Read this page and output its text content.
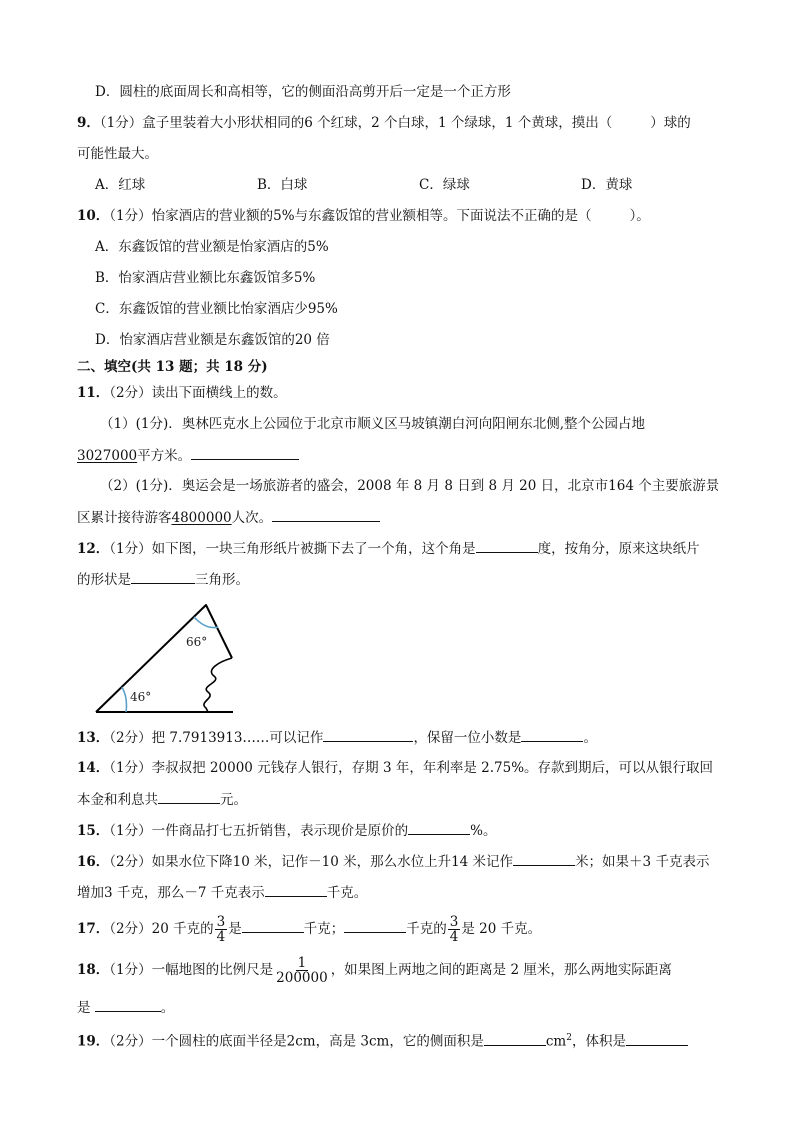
D．圆柱的底面周长和高相等，它的侧面沿高剪开后一定是一个正方形
9．（1分）盒子里装着大小形状相同的6 个红球，2 个白球，1 个绿球，1 个黄球，摸出（	）球的
可能性最大。
A．红球	B．白球	C．绿球	D．黄球
10．（1分）怡家酒店的营业额的5%与东鑫饭馆的营业额相等。下面说法不正确的是（	）。
A．东鑫饭馆的营业额是怡家酒店的5%
B．怡家酒店营业额比东鑫饭馆多5%
C．东鑫饭馆的营业额比怡家酒店少95%
D．怡家酒店营业额是东鑫饭馆的20 倍
二、填空(共 13 题；共 18 分)
11．（2分）读出下面横线上的数。
（1）(1分)．奥林匹克水上公园位于北京市顺义区马坡镇潮白河向阳闸东北侧,整个公园占地
3027000平方米。
（2）(1分)．奥运会是一场旅游者的盛会，2008 年 8 月 8 日到 8 月 20 日，北京市164 个主要旅游景
区累计接待游客4800000人次。
12．（1分）如下图，一块三角形纸片被撕下去了一个角，这个角是	度，按角分，原来这块纸片
的形状是	三角形。
66°
46°
13．（2分）把 7.7913913……可以记作	，保留一位小数是	。
14．（1分）李叔叔把 20000 元钱存人银行，存期 3 年，年利率是 2.75%。存款到期后，可以从银行取回
本金和利息共	元。
15．（1分）一件商品打七五折销售，表示现价是原价的	%。
16．（2分）如果水位下降10 米，记作－10 米，那么水位上升14 米记作	米；如果＋3 千克表示
增加3 千克，那么－7 千克表示	千克。
17．（2分）20 千克的 $\frac{3}{4}$ 是	千克；	千克的 $\frac{3}{4}$ 是 20 千克。
18．（1分）一幅地图的比例尺是 $\frac{1}{200000}$ ，如果图上两地之间的距离是 2 厘米，那么两地实际距离
是	。
19．（2分）一个圆柱的底面半径是2cm，高是 3cm，它的侧面积是	$cm^2$，体积是
